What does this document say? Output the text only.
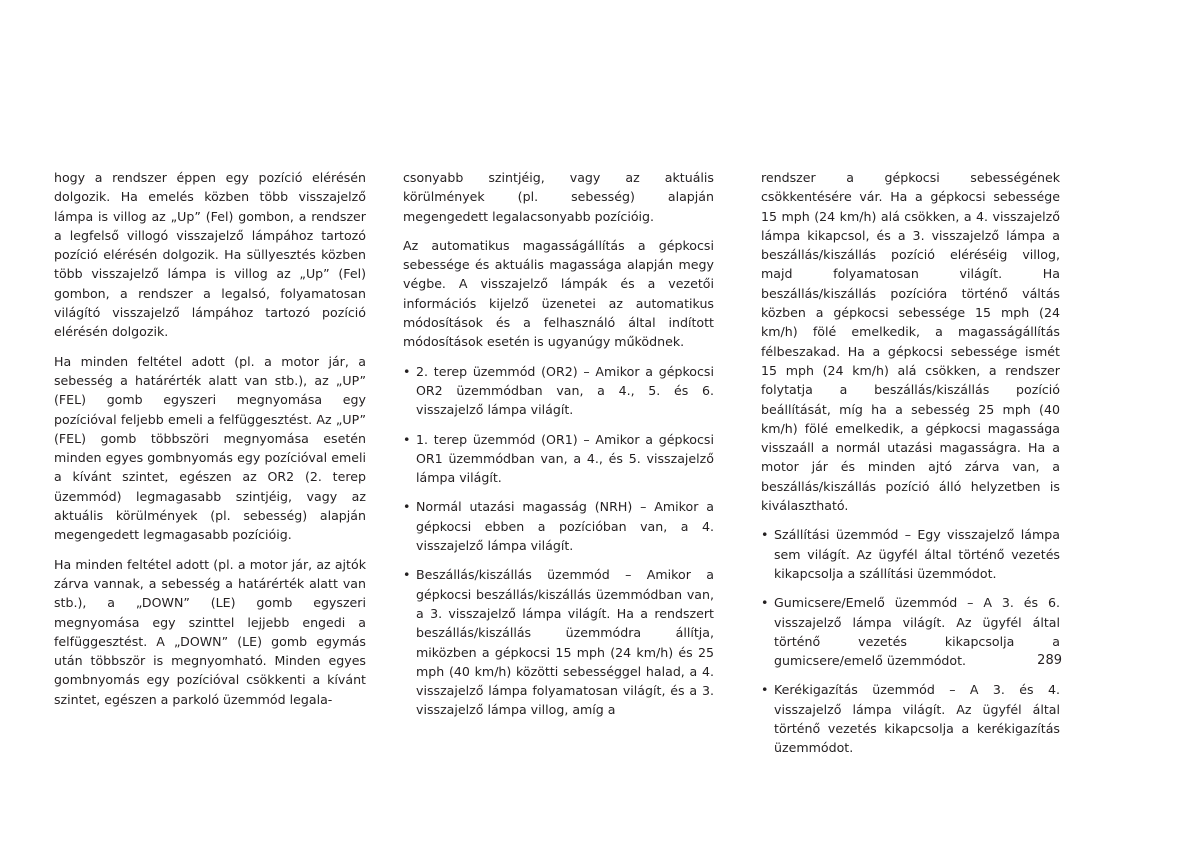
hogy a rendszer éppen egy pozíció elérésén dolgozik. Ha emelés közben több visszajelző lámpa is villog az „Up” (Fel) gombon, a rendszer a legfelső villogó visszajelző lámpához tartozó pozíció elérésén dolgozik. Ha süllyesztés közben több visszajelző lámpa is villog az „Up” (Fel) gombon, a rendszer a legalsó, folyamatosan világító visszajelző lámpához tartozó pozíció elérésén dolgozik.

Ha minden feltétel adott (pl. a motor jár, a sebesség a határérték alatt van stb.), az „UP” (FEL) gomb egyszeri megnyomása egy pozícióval feljebb emeli a felfüggesztést. Az „UP” (FEL) gomb többszöri megnyomása esetén minden egyes gombnyomás egy pozícióval emeli a kívánt szintet, egészen az OR2 (2. terep üzemmód) legmagasabb szintjéig, vagy az aktuális körülmények (pl. sebesség) alapján megengedett legmagasabb pozícióig.

Ha minden feltétel adott (pl. a motor jár, az ajtók zárva vannak, a sebesség a határérték alatt van stb.), a „DOWN” (LE) gomb egyszeri megnyomása egy szinttel lejjebb engedi a felfüggesztést. A „DOWN” (LE) gomb egymás után többször is megnyomható. Minden egyes gombnyomás egy pozícióval csökkenti a kívánt szintet, egészen a parkoló üzemmód legala-

csonyabb szintjéig, vagy az aktuális körülmények (pl. sebesség) alapján megengedett legalacsonyabb pozícióig.

Az automatikus magasságállítás a gépkocsi sebessége és aktuális magassága alapján megy végbe. A visszajelző lámpák és a vezetői információs kijelző üzenetei az automatikus módosítások és a felhasználó által indított módosítások esetén is ugyanúgy működnek.

• 2. terep üzemmód (OR2) – Amikor a gépkocsi OR2 üzemmódban van, a 4., 5. és 6. visszajelző lámpa világít.
• 1. terep üzemmód (OR1) – Amikor a gépkocsi OR1 üzemmódban van, a 4., és 5. visszajelző lámpa világít.
• Normál utazási magasság (NRH) – Amikor a gépkocsi ebben a pozícióban van, a 4. visszajelző lámpa világít.
• Beszállás/kiszállás üzemmód – Amikor a gépkocsi beszállás/kiszállás üzemmódban van, a 3. visszajelző lámpa világít. Ha a rendszert beszállás/kiszállás üzemmódra állítja, miközben a gépkocsi 15 mph (24 km/h) és 25 mph (40 km/h) közötti sebességgel halad, a 4. visszajelző lámpa folyamatosan világít, és a 3. visszajelző lámpa villog, amíg a

rendszer a gépkocsi sebességének csökkentésére vár. Ha a gépkocsi sebessége 15 mph (24 km/h) alá csökken, a 4. visszajelző lámpa kikapcsol, és a 3. visszajelző lámpa a beszállás/kiszállás pozíció eléréséig villog, majd folyamatosan világít. Ha beszállás/kiszállás pozícióra történő váltás közben a gépkocsi sebessége 15 mph (24 km/h) fölé emelkedik, a magasságállítás félbeszakad. Ha a gépkocsi sebessége ismét 15 mph (24 km/h) alá csökken, a rendszer folytatja a beszállás/kiszállás pozíció beállítását, míg ha a sebesség 25 mph (40 km/h) fölé emelkedik, a gépkocsi magassága visszaáll a normál utazási magasságra. Ha a motor jár és minden ajtó zárva van, a beszállás/kiszállás pozíció álló helyzetben is kiválasztható.

• Szállítási üzemmód – Egy visszajelző lámpa sem világít. Az ügyfél által történő vezetés kikapcsolja a szállítási üzemmódot.
• Gumicsere/Emelő üzemmód – A 3. és 6. visszajelző lámpa világít. Az ügyfél által történő vezetés kikapcsolja a gumicsere/emelő üzemmódot.
• Kerékigazítás üzemmód – A 3. és 4. visszajelző lámpa világít. Az ügyfél által történő vezetés kikapcsolja a kerékigazítás üzemmódot.
289
